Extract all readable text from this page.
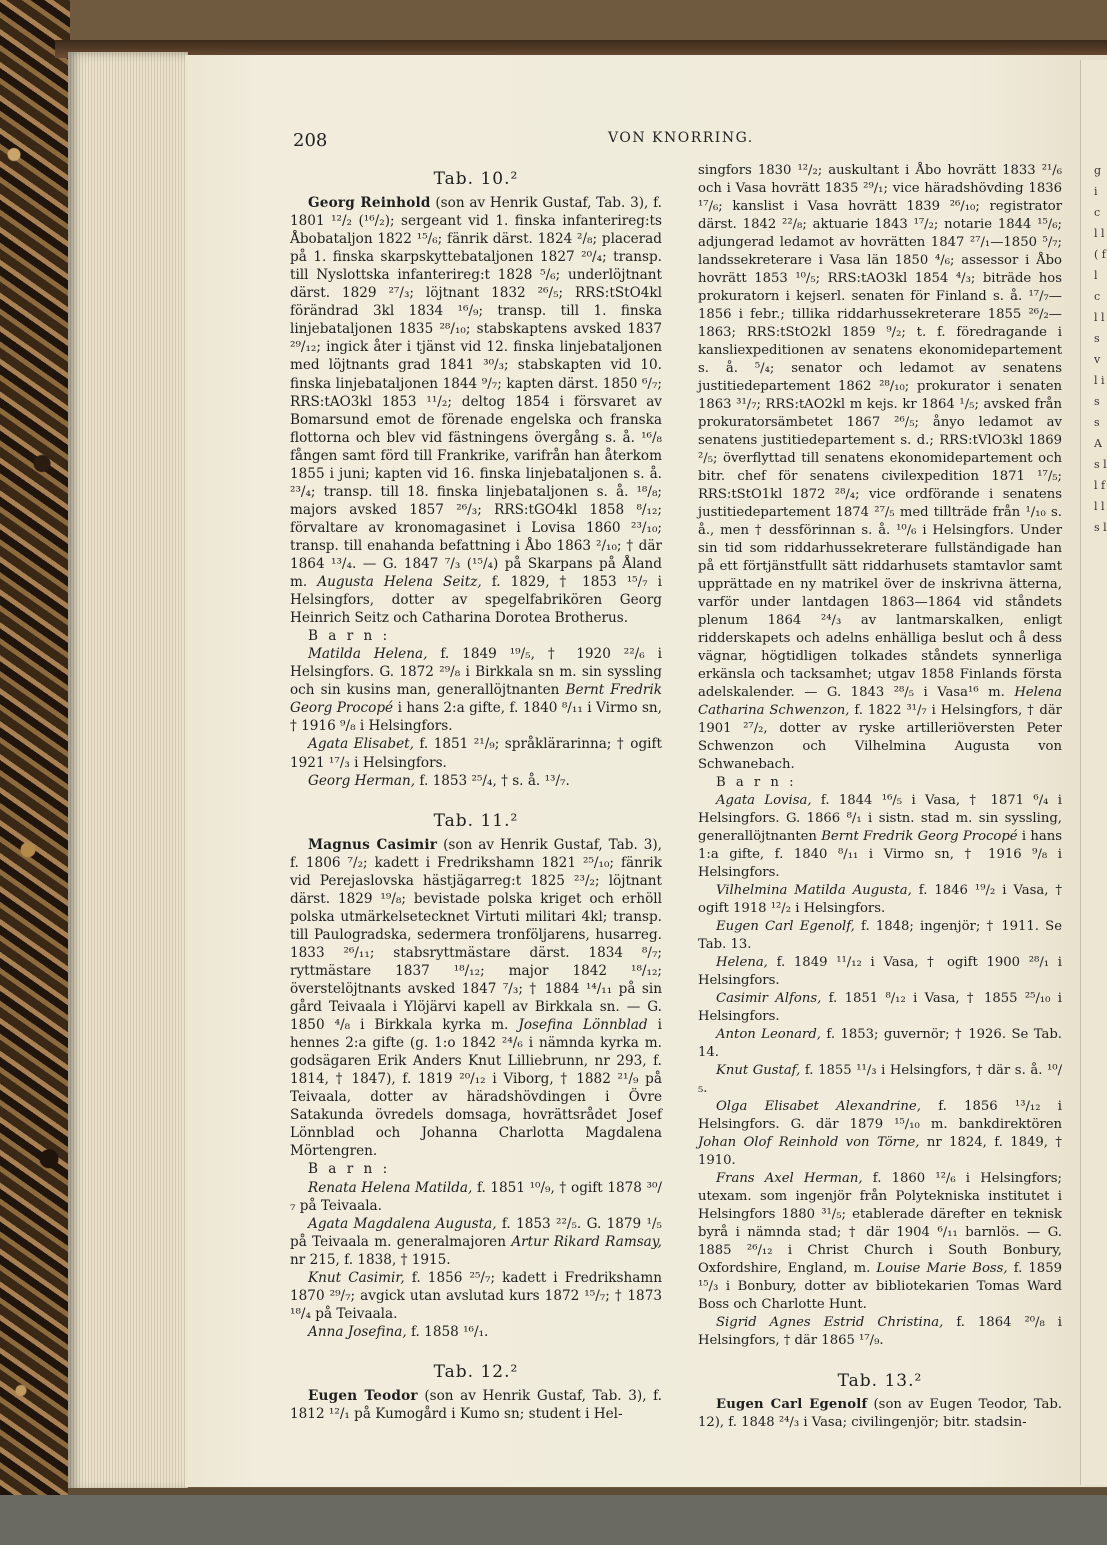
208	VON KNORRING.
Tab. 10.²

Georg Reinhold (son av Henrik Gustaf, Tab. 3), f. 1801 ¹²/₂ (¹⁶/₂); sergeant vid 1. finska infanterireg:ts Åbobataljon 1822 ¹⁵/₆; fänrik därst. 1824 ²/₈; placerad på 1. finska skarpskyttebataljonen 1827 ²⁰/₄; transp. till Nyslottska infanterireg:t 1828 ⁵/₆; underlöjtnant därst. 1829 ²⁷/₃; löjtnant 1832 ²⁶/₅; RRS:tStO4kl förändrad 3kl 1834 ¹⁶/₉; transp. till 1. finska linjebataljonen 1835 ²⁸/₁₀; stabskaptens avsked 1837 ²⁹/₁₂; ingick åter i tjänst vid 12. finska linjebataljonen med löjtnants grad 1841 ³⁰/₃; stabskapten vid 10. finska linjebataljonen 1844 ⁹/₇; kapten därst. 1850 ⁶/₇; RRS:tAO3kl 1853 ¹¹/₂; deltog 1854 i försvaret av Bomarsund emot de förenade engelska och franska flottorna och blev vid fästningens övergång s. å. ¹⁶/₈ fången samt förd till Frankrike, varifrån han återkom 1855 i juni; kapten vid 16. finska linjebataljonen s. å. ²³/₄; transp. till 18. finska linjebataljonen s. å. ¹⁸/₈; majors avsked 1857 ²⁶/₃; RRS:tGO4kl 1858 ⁸/₁₂; förvaltare av kronomagasinet i Lovisa 1860 ²³/₁₀; transp. till enahanda befattning i Åbo 1863 ²/₁₀; † där 1864 ¹³/₄. — G. 1847 ⁷/₃ (¹⁵/₄) på Skarpans på Åland m. Augusta Helena Seitz, f. 1829, † 1853 ¹⁵/₇ i Helsingfors, dotter av spegelfabrikören Georg Heinrich Seitz och Catharina Dorotea Brotherus.

B a r n :

Matilda Helena, f. 1849 ¹⁹/₅, † 1920 ²²/₆ i Helsingfors. G. 1872 ²⁹/₈ i Birkkala sn m. sin syssling och sin kusins man, generallöjtnanten Bernt Fredrik Georg Procopé i hans 2:a gifte, f. 1840 ⁸/₁₁ i Virmo sn, † 1916 ⁹/₈ i Helsingfors.

Agata Elisabet, f. 1851 ²¹/₉; språklärarinna; † ogift 1921 ¹⁷/₃ i Helsingfors.

Georg Herman, f. 1853 ²⁵/₄, † s. å. ¹³/₇.

Tab. 11.²

Magnus Casimir (son av Henrik Gustaf, Tab. 3), f. 1806 ⁷/₂; kadett i Fredrikshamn 1821 ²⁵/₁₀; fänrik vid Perejaslovska hästjägarreg:t 1825 ²³/₂; löjtnant därst. 1829 ¹⁹/₈; bevistade polska kriget och erhöll polska utmärkelsetecknet Virtuti militari 4kl; transp. till Paulogradska, sedermera tronföljarens, husarreg. 1833 ²⁶/₁₁; stabsryttmästare därst. 1834 ⁸/₇; ryttmästare 1837 ¹⁸/₁₂; major 1842 ¹⁸/₁₂; överstelöjtnants avsked 1847 ⁷/₃; † 1884 ¹⁴/₁₁ på sin gård Teivaala i Ylöjärvi kapell av Birkkala sn. — G. 1850 ⁴/₈ i Birkkala kyrka m. Josefina Lönnblad i hennes 2:a gifte (g. 1:o 1842 ²⁴/₆ i nämnda kyrka m. godsägaren Erik Anders Knut Lilliebrunn, nr 293, f. 1814, † 1847), f. 1819 ²⁰/₁₂ i Viborg, † 1882 ²¹/₉ på Teivaala, dotter av häradshövdingen i Övre Satakunda övredels domsaga, hovrättsrådet Josef Lönnblad och Johanna Charlotta Magdalena Mörtengren.

B a r n :

Renata Helena Matilda, f. 1851 ¹⁰/₉, † ogift 1878 ³⁰/₇ på Teivaala.

Agata Magdalena Augusta, f. 1853 ²²/₅. G. 1879 ¹/₅ på Teivaala m. generalmajoren Artur Rikard Ramsay, nr 215, f. 1838, † 1915.

Knut Casimir, f. 1856 ²⁵/₇; kadett i Fredrikshamn 1870 ²⁹/₇; avgick utan avslutad kurs 1872 ¹⁵/₇; † 1873 ¹⁸/₄ på Teivaala.

Anna Josefina, f. 1858 ¹⁶/₁.

Tab. 12.²

Eugen Teodor (son av Henrik Gustaf, Tab. 3), f. 1812 ¹²/₁ på Kumogård i Kumo sn; student i Hel-

singfors 1830 ¹²/₂; auskultant i Åbo hovrätt 1833 ²¹/₆ och i Vasa hovrätt 1835 ²⁹/₁; vice häradshövding 1836 ¹⁷/₆; kanslist i Vasa hovrätt 1839 ²⁶/₁₀; registrator därst. 1842 ²²/₈; aktuarie 1843 ¹⁷/₂; notarie 1844 ¹⁵/₆; adjungerad ledamot av hovrätten 1847 ²⁷/₁—1850 ⁵/₇; landssekreterare i Vasa län 1850 ⁴/₆; assessor i Åbo hovrätt 1853 ¹⁰/₅; RRS:tAO3kl 1854 ⁴/₃; biträde hos prokuratorn i kejserl. senaten för Finland s. å. ¹⁷/₇—1856 i febr.; tillika riddarhussekreterare 1855 ²⁶/₂—1863; RRS:tStO2kl 1859 ⁹/₂; t. f. föredragande i kansliexpeditionen av senatens ekonomidepartement s. å. ⁵/₄; senator och ledamot av senatens justitiedepartement 1862 ²⁸/₁₀; prokurator i senaten 1863 ³¹/₇; RRS:tAO2kl m kejs. kr 1864 ¹/₅; avsked från prokuratorsämbetet 1867 ²⁶/₅; ånyo ledamot av senatens justitiedepartement s. d.; RRS:tVlO3kl 1869 ²/₅; överflyttad till senatens ekonomidepartement och bitr. chef för senatens civilexpedition 1871 ¹⁷/₅; RRS:tStO1kl 1872 ²⁸/₄; vice ordförande i senatens justitiedepartement 1874 ²⁷/₅ med tillträde från ¹/₁₀ s. å., men † dessförinnan s. å. ¹⁰/₆ i Helsingfors. Under sin tid som riddarhussekreterare fullständigade han på ett förtjänstfullt sätt riddarhusets stamtavlor samt upprättade en ny matrikel över de inskrivna ätterna, varför under lantdagen 1863—1864 vid ståndets plenum 1864 ²⁴/₃ av lantmarskalken, enligt ridderskapets och adelns enhälliga beslut och å dess vägnar, högtidligen tolkades ståndets synnerliga erkänsla och tacksamhet; utgav 1858 Finlands första adelskalender. — G. 1843 ²⁸/₅ i Vasa¹⁶ m. Helena Catharina Schwenzon, f. 1822 ³¹/₇ i Helsingfors, † där 1901 ²⁷/₂, dotter av ryske artilleriöversten Peter Schwenzon och Vilhelmina Augusta von Schwanebach.

B a r n :

Agata Lovisa, f. 1844 ¹⁶/₅ i Vasa, † 1871 ⁶/₄ i Helsingfors. G. 1866 ⁸/₁ i sistn. stad m. sin syssling, generallöjtnanten Bernt Fredrik Georg Procopé i hans 1:a gifte, f. 1840 ⁸/₁₁ i Virmo sn, † 1916 ⁹/₈ i Helsingfors.

Vilhelmina Matilda Augusta, f. 1846 ¹⁹/₂ i Vasa, † ogift 1918 ¹²/₂ i Helsingfors.

Eugen Carl Egenolf, f. 1848; ingenjör; † 1911. Se Tab. 13.

Helena, f. 1849 ¹¹/₁₂ i Vasa, † ogift 1900 ²⁸/₁ i Helsingfors.

Casimir Alfons, f. 1851 ⁸/₁₂ i Vasa, † 1855 ²⁵/₁₀ i Helsingfors.

Anton Leonard, f. 1853; guvernör; † 1926. Se Tab. 14.

Knut Gustaf, f. 1855 ¹¹/₃ i Helsingfors, † där s. å. ¹⁰/₅.

Olga Elisabet Alexandrine, f. 1856 ¹³/₁₂ i Helsingfors. G. där 1879 ¹⁵/₁₀ m. bankdirektören Johan Olof Reinhold von Törne, nr 1824, f. 1849, † 1910.

Frans Axel Herman, f. 1860 ¹²/₆ i Helsingfors; utexam. som ingenjör från Polytekniska institutet i Helsingfors 1880 ³¹/₅; etablerade därefter en teknisk byrå i nämnda stad; † där 1904 ⁶/₁₁ barnlös. — G. 1885 ²⁶/₁₂ i Christ Church i South Bonbury, Oxfordshire, England, m. Louise Marie Boss, f. 1859 ¹⁵/₃ i Bonbury, dotter av bibliotekarien Tomas Ward Boss och Charlotte Hunt.

Sigrid Agnes Estrid Christina, f. 1864 ²⁰/₈ i Helsingfors, † där 1865 ¹⁷/₉.

Tab. 13.²

Eugen Carl Egenolf (son av Eugen Teodor, Tab. 12), f. 1848 ²⁴/₃ i Vasa; civilingenjör; bitr. stadsin-

g i c l l ( f l c l l s v l i s s A s l l f l l s l
